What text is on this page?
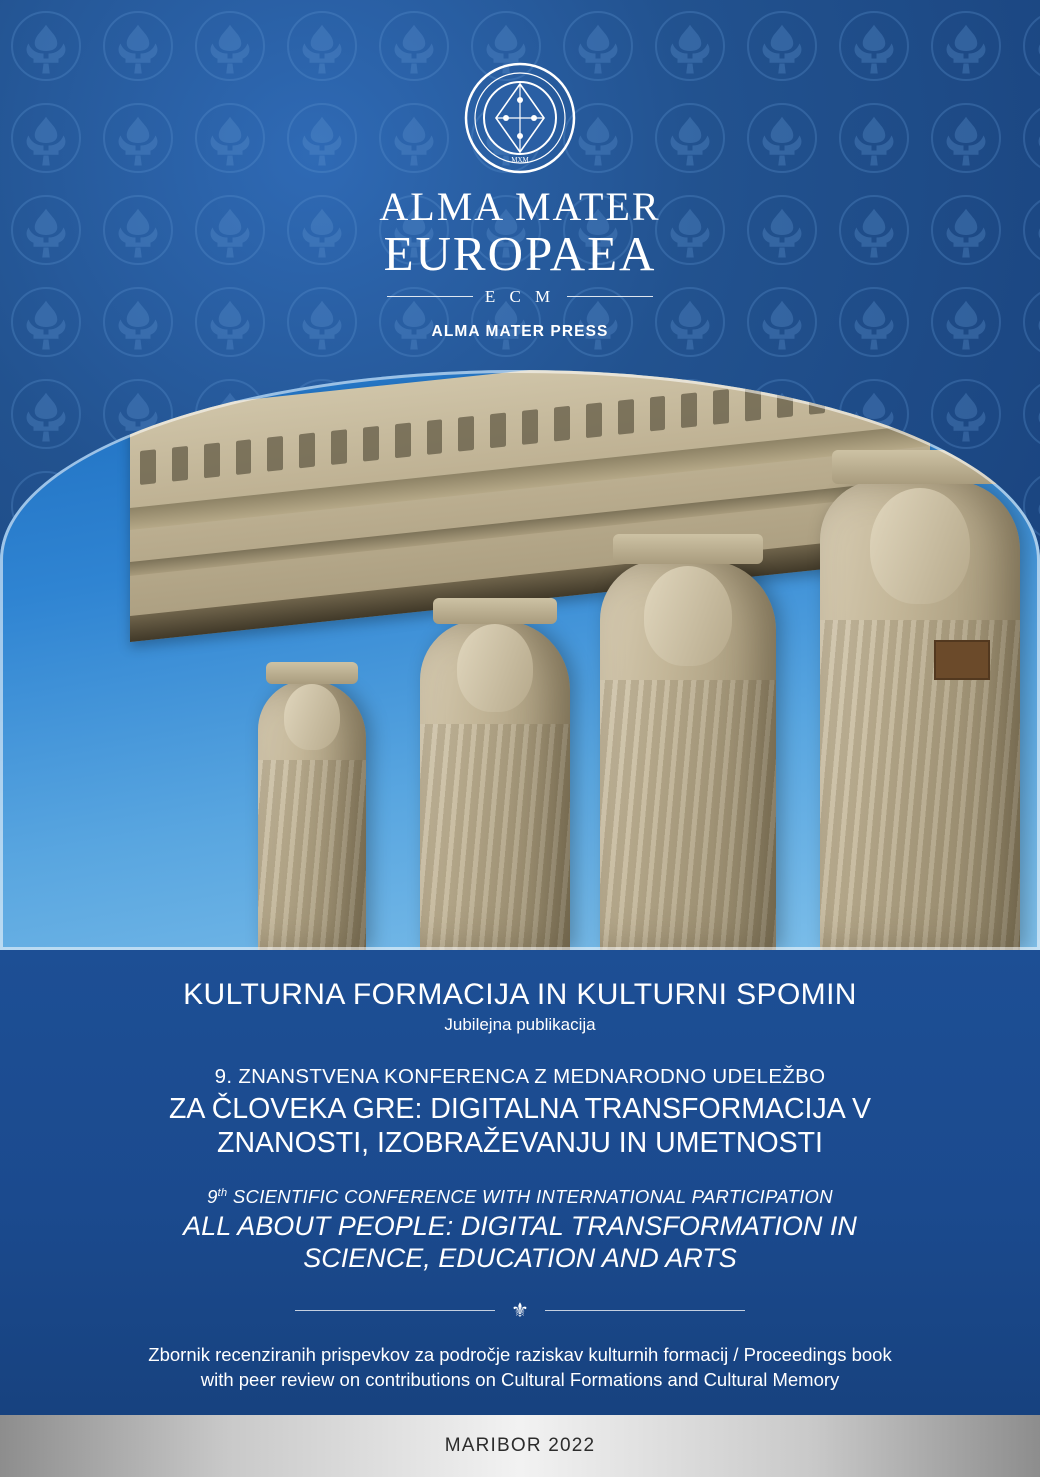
MXM
ALMA MATER
EUROPAEA
E C M
ALMA MATER PRESS
KULTURNA FORMACIJA IN KULTURNI SPOMIN
Jubilejna publikacija
9. ZNANSTVENA KONFERENCA Z MEDNARODNO UDELEŽBO
ZA ČLOVEKA GRE: DIGITALNA TRANSFORMACIJA V
ZNANOSTI, IZOBRAŽEVANJU IN UMETNOSTI
9th SCIENTIFIC CONFERENCE WITH INTERNATIONAL PARTICIPATION
ALL ABOUT PEOPLE: DIGITAL TRANSFORMATION IN
SCIENCE, EDUCATION AND ARTS
⚜
Zbornik recenziranih prispevkov za področje raziskav kulturnih formacij / Proceedings book
with peer review on contributions on Cultural Formations and Cultural Memory
MARIBOR 2022
